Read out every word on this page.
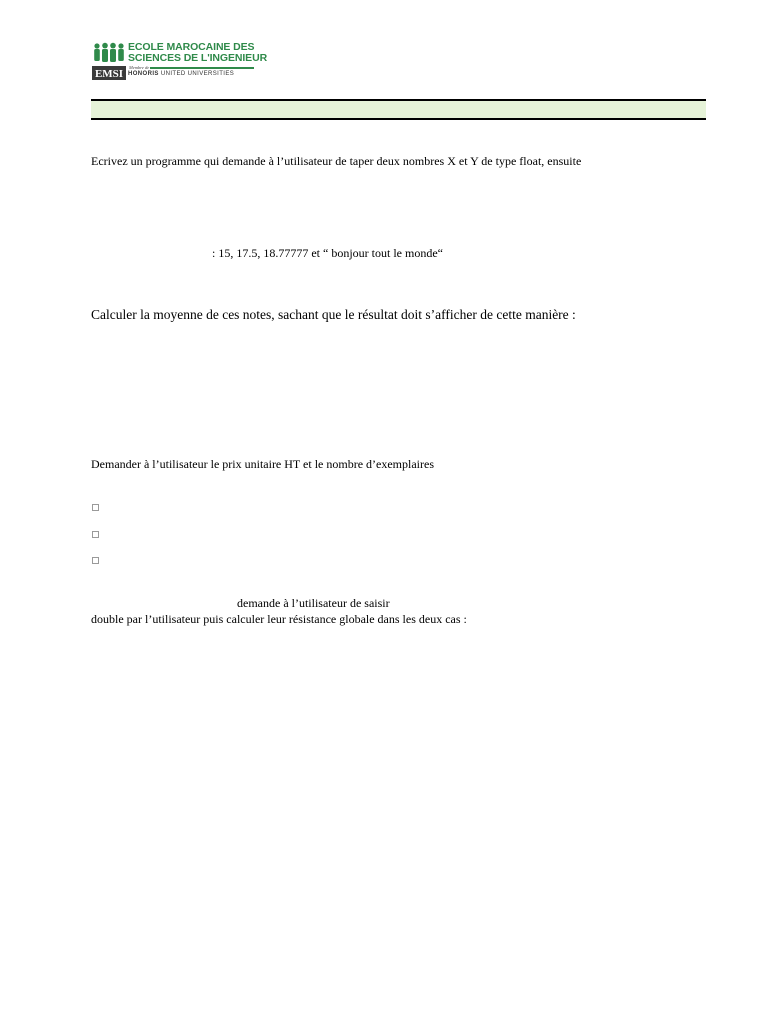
EMSI
ECOLE MAROCAINE DES
SCIENCES DE L'INGENIEUR
Membre de
HONORIS UNITED UNIVERSITIES
Ecrivez un programme qui demande à l’utilisateur de taper deux nombres X et Y de type float, ensuite
: 15, 17.5, 18.77777 et “ bonjour tout le monde“
Calculer la moyenne de ces notes, sachant que le résultat doit s’afficher de cette manière :
Demander à l’utilisateur le prix unitaire HT et le nombre d’exemplaires
demande à l’utilisateur de saisir
double par l’utilisateur puis calculer leur résistance globale dans les deux cas :
